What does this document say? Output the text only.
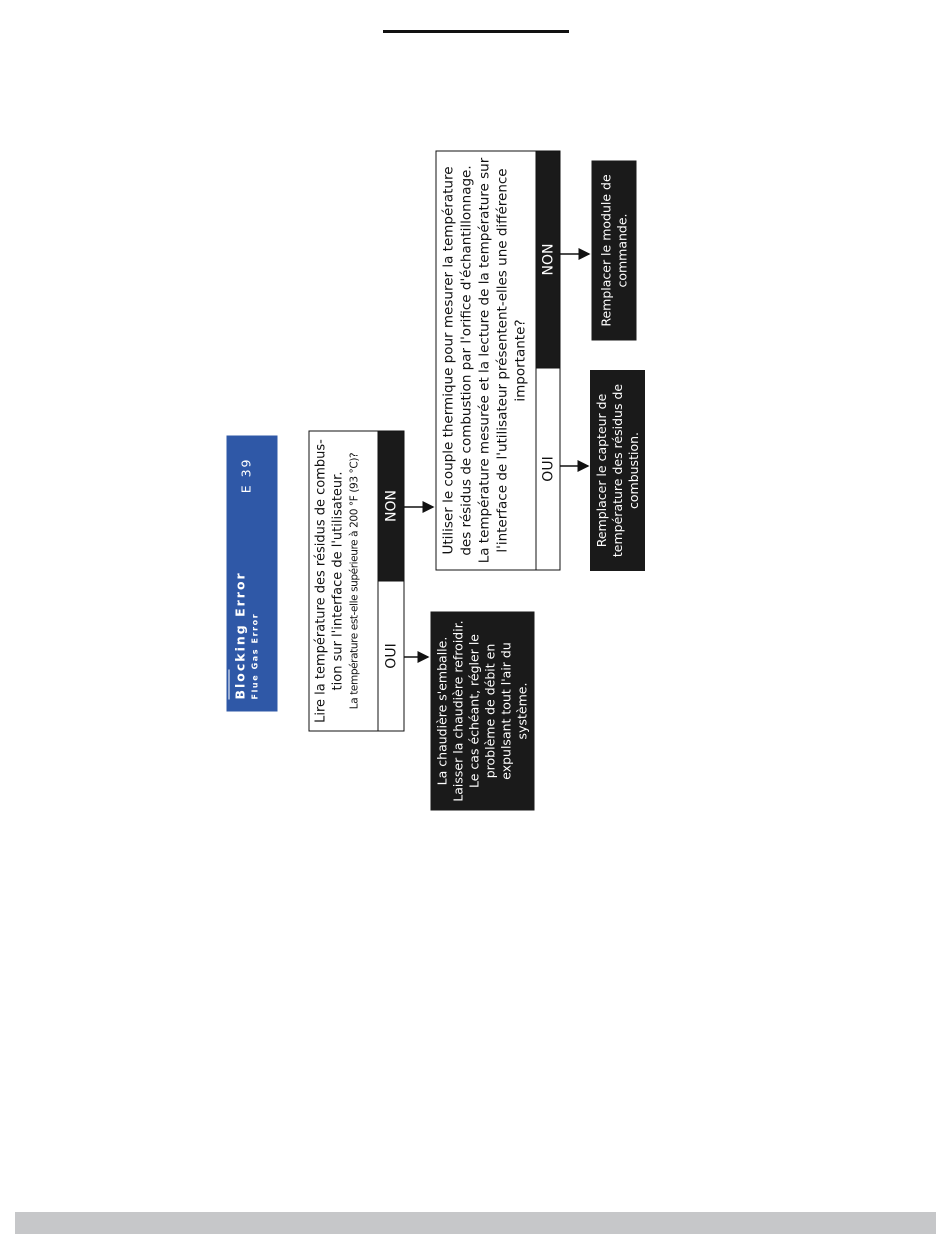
Blocking Error Flue Gas Error
E 39	Lire la température des résidus de combus- tion sur l'interface de l'utilisateur. La température est-elle supérieure à 200 °F (93 °C)?	OUI
NON
La chaudière s'emballe. Laisser la chaudière refroidir. Le cas échéant, régler le problème de débit en expulsant tout l'air du système.
Utiliser le couple thermique pour mesurer la température des résidus de combustion par l'orifice d'échantillonnage. La température mesurée et la lecture de la température sur l'interface de l'utilisateur présentent-elles une différence importante?
OUI
NON
Remplacer le capteur de température des résidus de combustion.
Remplacer le module de commande.
